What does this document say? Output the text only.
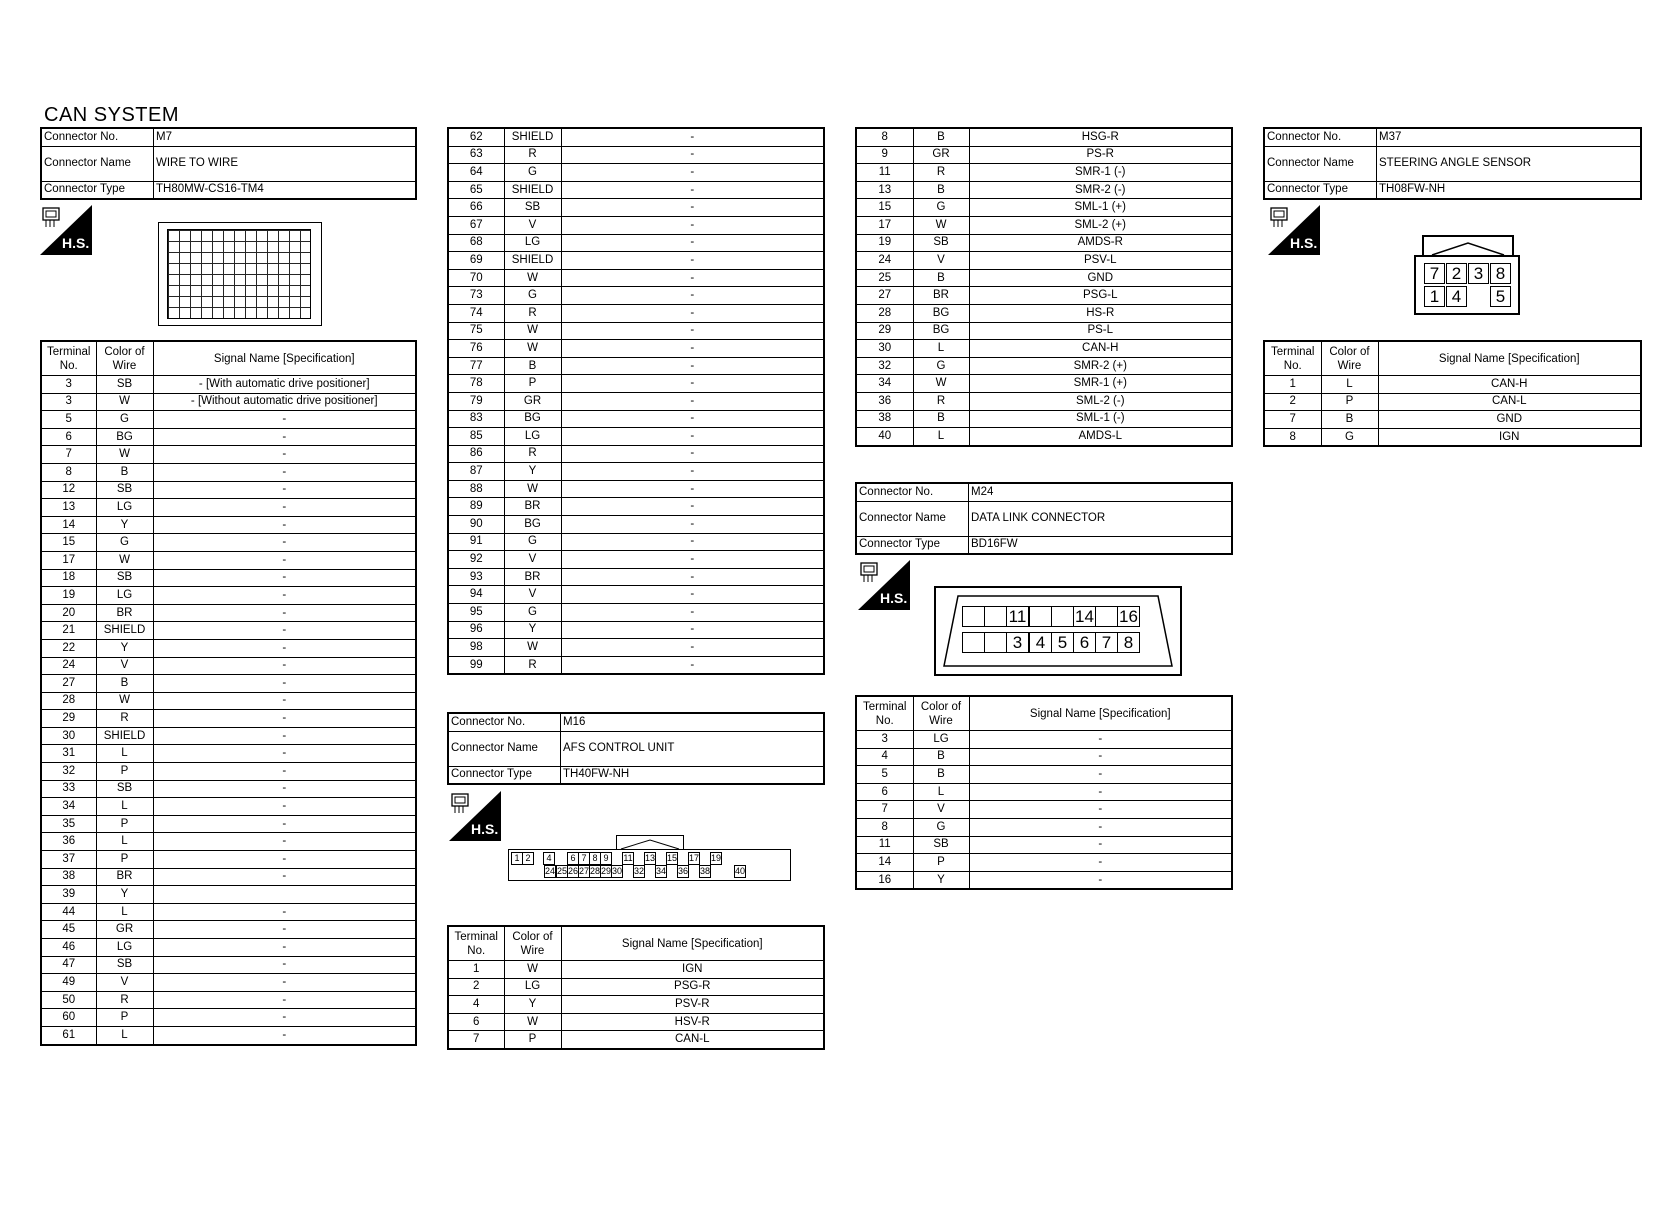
CAN SYSTEM
Connector No.	M7
Connector Name	WIRE TO WIRE
Connector Type	TH80MW-CS16-TM4
H.S.
Terminal No.	Color of Wire	Signal Name [Specification]
3	SB	- [With automatic drive positioner]
3	W	- [Without automatic drive positioner]
5	G	-
6	BG	-
7	W	-
8	B	-
12	SB	-
13	LG	-
14	Y	-
15	G	-
17	W	-
18	SB	-
19	LG	-
20	BR	-
21	SHIELD	-
22	Y	-
24	V	-
27	B	-
28	W	-
29	R	-
30	SHIELD	-
31	L	-
32	P	-
33	SB	-
34	L	-
35	P	-
36	L	-
37	P	-
38	BR	-
39	Y	
44	L	-
45	GR	-
46	LG	-
47	SB	-
49	V	-
50	R	-
60	P	-
61	L	-
62	SHIELD	-
63	R	-
64	G	-
65	SHIELD	-
66	SB	-
67	V	-
68	LG	-
69	SHIELD	-
70	W	-
73	G	-
74	R	-
75	W	-
76	W	-
77	B	-
78	P	-
79	GR	-
83	BG	-
85	LG	-
86	R	-
87	Y	-
88	W	-
89	BR	-
90	BG	-
91	G	-
92	V	-
93	BR	-
94	V	-
95	G	-
96	Y	-
98	W	-
99	R	-
Connector No.	M16
Connector Name	AFS CONTROL UNIT
Connector Type	TH40FW-NH
H.S.
1 2	4	6 7 8 9	11 13 15 17 19
24 25 26 27 28 29 30 32 34 36 38	40
Terminal No.	Color of Wire	Signal Name [Specification]
1	W	IGN
2	LG	PSG-R
4	Y	PSV-R
6	W	HSV-R
7	P	CAN-L
8	B	HSG-R
9	GR	PS-R
11	R	SMR-1 (-)
13	B	SMR-2 (-)
15	G	SML-1 (+)
17	W	SML-2 (+)
19	SB	AMDS-R
24	V	PSV-L
25	B	GND
27	BR	PSG-L
28	BG	HS-R
29	BG	PS-L
30	L	CAN-H
32	G	SMR-2 (+)
34	W	SMR-1 (+)
36	R	SML-2 (-)
38	B	SML-1 (-)
40	L	AMDS-L
Connector No.	M24
Connector Name	DATA LINK CONNECTOR
Connector Type	BD16FW
H.S.
11	14 16
3 4 5 6 7 8
Terminal No.	Color of Wire	Signal Name [Specification]
3	LG	-
4	B	-
5	B	-
6	L	-
7	V	-
8	G	-
11	SB	-
14	P	-
16	Y	-
Connector No.	M37
Connector Name	STEERING ANGLE SENSOR
Connector Type	TH08FW-NH
H.S.
7 2 3 8
1 4	5
Terminal No.	Color of Wire	Signal Name [Specification]
1	L	CAN-H
2	P	CAN-L
7	B	GND
8	G	IGN
